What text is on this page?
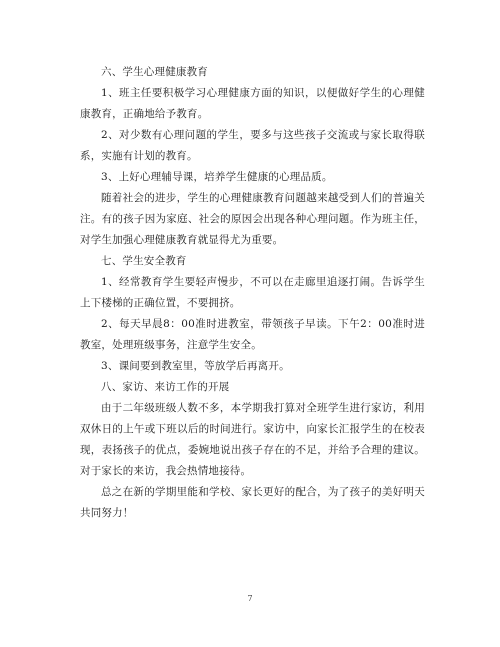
六、学生心理健康教育

1、班主任要积极学习心理健康方面的知识，以便做好学生的心理健康教育，正确地给予教育。

2、对少数有心理问题的学生，要多与这些孩子交流或与家长取得联系，实施有计划的教育。

3、上好心理辅导课，培养学生健康的心理品质。

随着社会的进步，学生的心理健康教育问题越来越受到人们的普遍关注。有的孩子因为家庭、社会的原因会出现各种心理问题。作为班主任，对学生加强心理健康教育就显得尤为重要。

七、学生安全教育

1、经常教育学生要轻声慢步，不可以在走廊里追逐打闹。告诉学生上下楼梯的正确位置，不要拥挤。

2、每天早晨8：00准时进教室，带领孩子早读。下午2：00准时进教室，处理班级事务，注意学生安全。

3、课间要到教室里，等放学后再离开。

八、家访、来访工作的开展

由于二年级班级人数不多，本学期我打算对全班学生进行家访，利用双休日的上午或下班以后的时间进行。家访中，向家长汇报学生的在校表现，表扬孩子的优点，委婉地说出孩子存在的不足，并给予合理的建议。对于家长的来访，我会热情地接待。

总之在新的学期里能和学校、家长更好的配合，为了孩子的美好明天共同努力！

7
